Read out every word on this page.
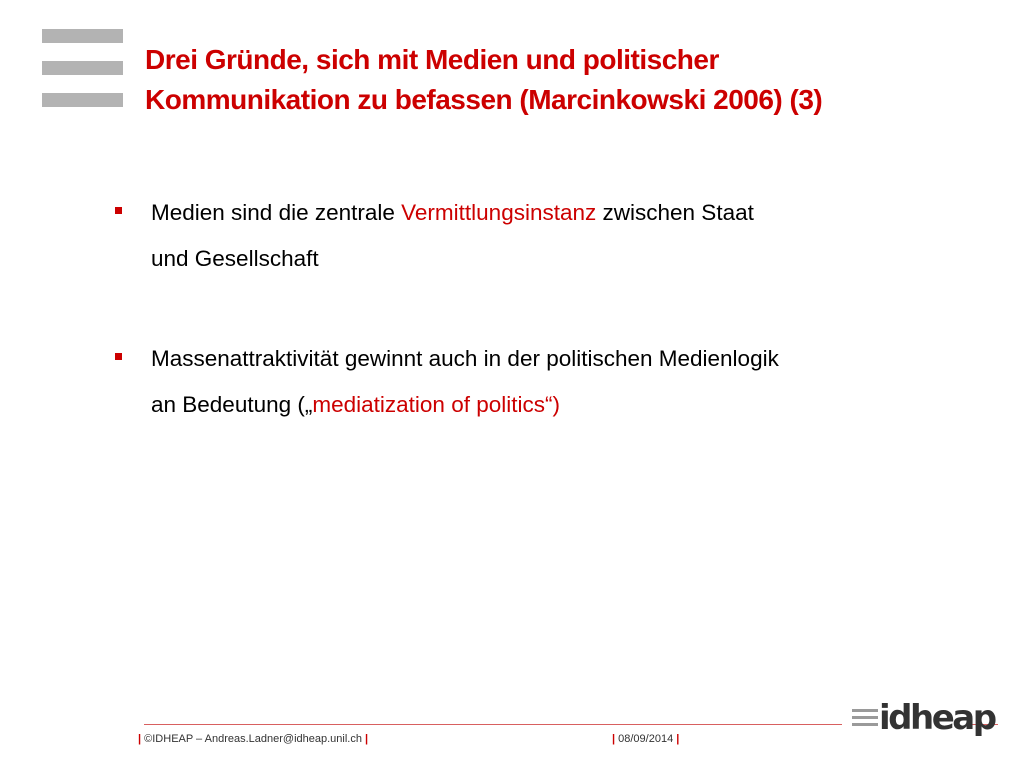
Drei Gründe, sich mit Medien und politischer
Kommunikation zu befassen (Marcinkowski 2006) (3)
Medien sind die zentrale Vermittlungsinstanz zwischen Staat
und Gesellschaft
Massenattraktivität gewinnt auch in der politischen Medienlogik
an Bedeutung („mediatization of politics“)
| ©IDHEAP – Andreas.Ladner@idheap.unil.ch |	| 08/09/2014 |
idheap
